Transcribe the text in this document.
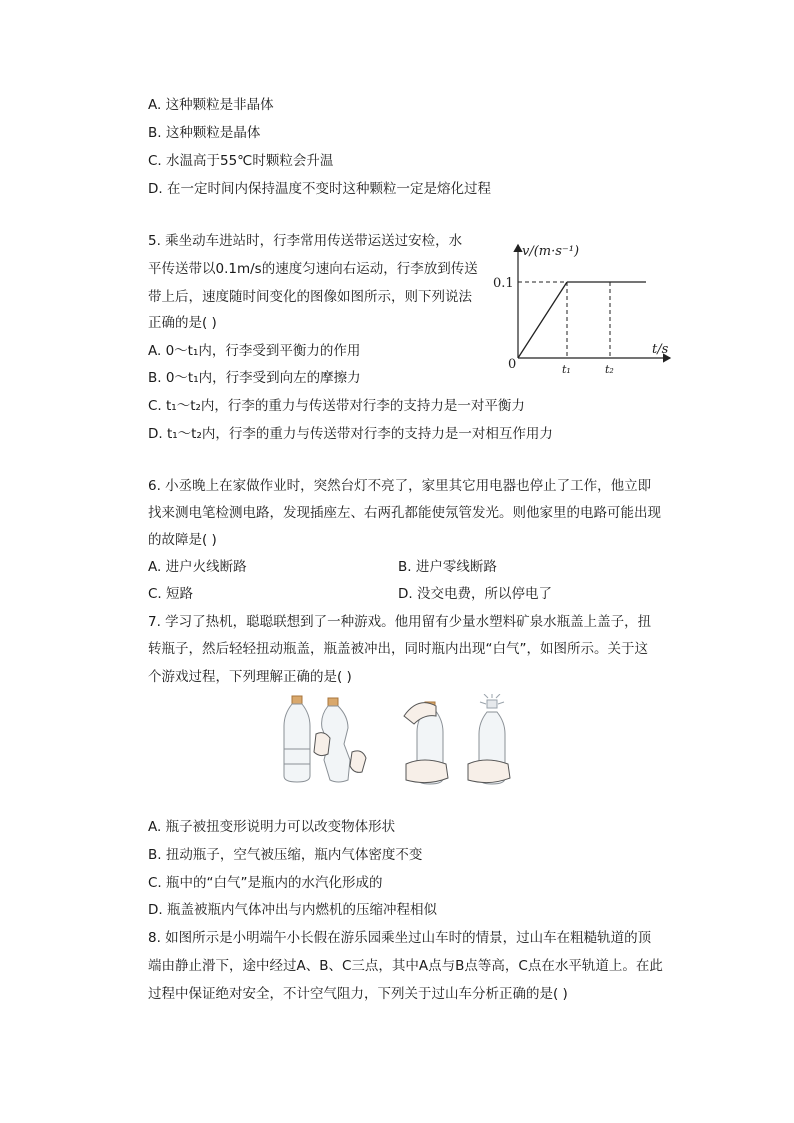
A. 这种颗粒是非晶体
B. 这种颗粒是晶体
C. 水温高于55℃时颗粒会升温
D. 在一定时间内保持温度不变时这种颗粒一定是熔化过程
5. 乘坐动车进站时，行李常用传送带运送过安检，水
平传送带以0.1m/s的速度匀速向右运动，行李放到传送
带上后，速度随时间变化的图像如图所示，则下列说法
正确的是( )
A. 0～t₁内，行李受到平衡力的作用
B. 0～t₁内，行李受到向左的摩擦力
C. t₁～t₂内，行李的重力与传送带对行李的支持力是一对平衡力
D. t₁～t₂内，行李的重力与传送带对行李的支持力是一对相互作用力
v/(m·s⁻¹)
t/s
0
0.1
t₁	t₂
6. 小丞晚上在家做作业时，突然台灯不亮了，家里其它用电器也停止了工作，他立即
找来测电笔检测电路，发现插座左、右两孔都能使氖管发光。则他家里的电路可能出现
的故障是( )
A. 进户火线断路	B. 进户零线断路
C. 短路	D. 没交电费，所以停电了
7. 学习了热机，聪聪联想到了一种游戏。他用留有少量水塑料矿泉水瓶盖上盖子，扭
转瓶子，然后轻轻扭动瓶盖，瓶盖被冲出，同时瓶内出现“白气”，如图所示。关于这
个游戏过程，下列理解正确的是( )
A. 瓶子被扭变形说明力可以改变物体形状
B. 扭动瓶子，空气被压缩，瓶内气体密度不变
C. 瓶中的“白气”是瓶内的水汽化形成的
D. 瓶盖被瓶内气体冲出与内燃机的压缩冲程相似
8. 如图所示是小明端午小长假在游乐园乘坐过山车时的情景，过山车在粗糙轨道的顶
端由静止滑下，途中经过A、B、C三点，其中A点与B点等高，C点在水平轨道上。在此
过程中保证绝对安全，不计空气阻力，下列关于过山车分析正确的是( )
